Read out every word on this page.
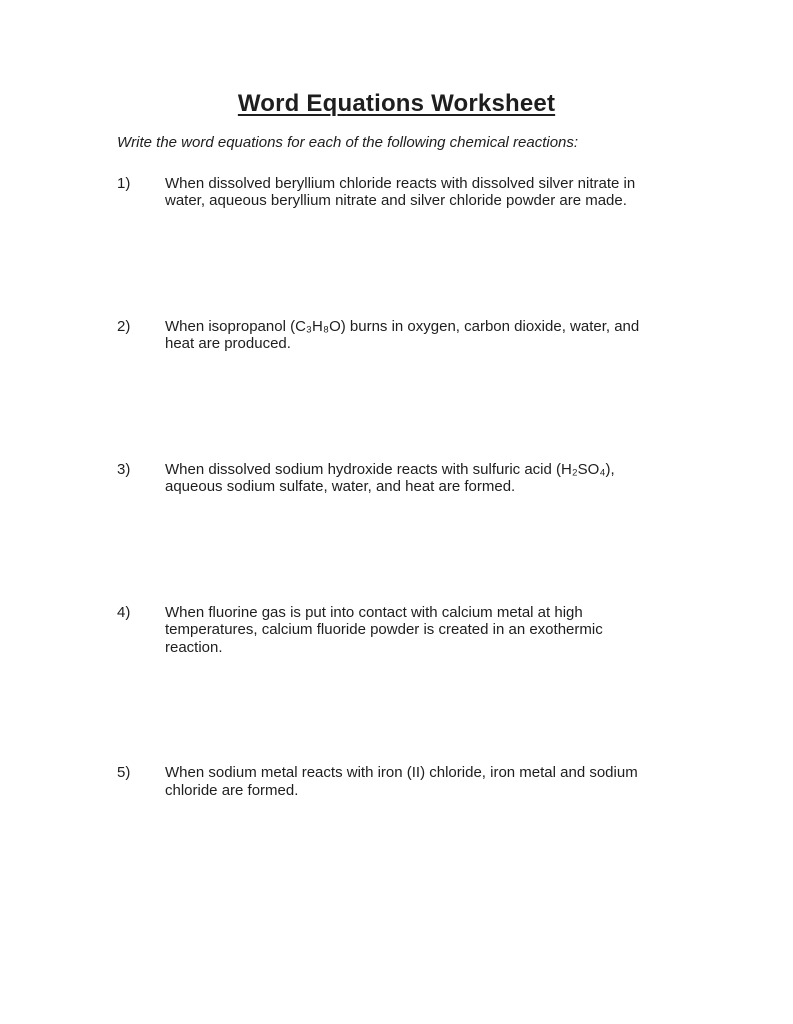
Word Equations Worksheet
Write the word equations for each of the following chemical reactions:
1)	When dissolved beryllium chloride reacts with dissolved silver nitrate in
water, aqueous beryllium nitrate and silver chloride powder are made.
2)	When isopropanol (C₃H₈O) burns in oxygen, carbon dioxide, water, and
heat are produced.
3)	When dissolved sodium hydroxide reacts with sulfuric acid (H₂SO₄),
aqueous sodium sulfate, water, and heat are formed.
4)	When fluorine gas is put into contact with calcium metal at high
temperatures, calcium fluoride powder is created in an exothermic
reaction.
5)	When sodium metal reacts with iron (II) chloride, iron metal and sodium
chloride are formed.
